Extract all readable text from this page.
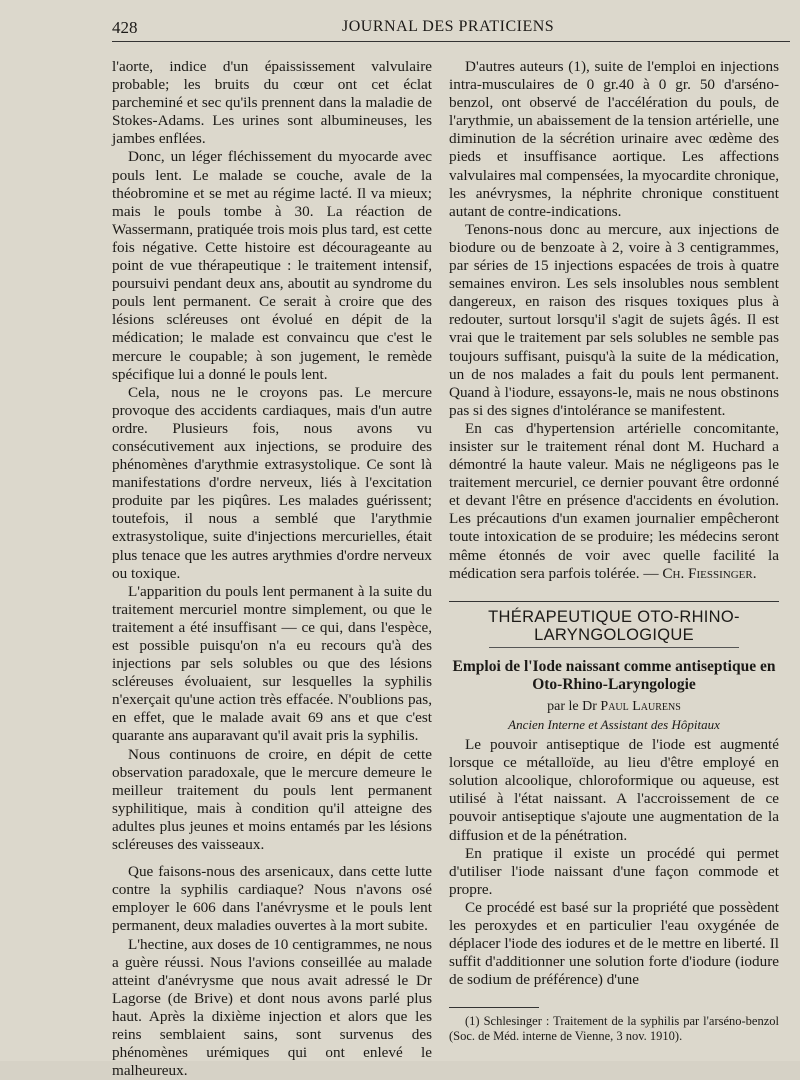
428	JOURNAL DES PRATICIENS

l'aorte, indice d'un épaississement valvulaire probable; les bruits du cœur ont cet éclat parcheminé et sec qu'ils prennent dans la maladie de Stokes-Adams. Les urines sont albumineuses, les jambes enflées.

Donc, un léger fléchissement du myocarde avec pouls lent. Le malade se couche, avale de la théobromine et se met au régime lacté. Il va mieux; mais le pouls tombe à 30. La réaction de Wassermann, pratiquée trois mois plus tard, est cette fois négative. Cette histoire est décourageante au point de vue thérapeutique : le traitement intensif, poursuivi pendant deux ans, aboutit au syndrome du pouls lent permanent. Ce serait à croire que des lésions scléreuses ont évolué en dépit de la médication; le malade est convaincu que c'est le mercure le coupable; à son jugement, le remède spécifique lui a donné le pouls lent.

Cela, nous ne le croyons pas. Le mercure provoque des accidents cardiaques, mais d'un autre ordre. Plusieurs fois, nous avons vu consécutivement aux injections, se produire des phénomènes d'arythmie extrasystolique. Ce sont là manifestations d'ordre nerveux, liés à l'excitation produite par les piqûres. Les malades guérissent; toutefois, il nous a semblé que l'arythmie extrasystolique, suite d'injections mercurielles, était plus tenace que les autres arythmies d'ordre nerveux ou toxique.

L'apparition du pouls lent permanent à la suite du traitement mercuriel montre simplement, ou que le traitement a été insuffisant — ce qui, dans l'espèce, est possible puisqu'on n'a eu recours qu'à des injections par sels solubles ou que des lésions scléreuses évoluaient, sur lesquelles la syphilis n'exerçait qu'une action très effacée. N'oublions pas, en effet, que le malade avait 69 ans et que c'est quarante ans auparavant qu'il avait pris la syphilis.

Nous continuons de croire, en dépit de cette observation paradoxale, que le mercure demeure le meilleur traitement du pouls lent permanent syphilitique, mais à condition qu'il atteigne des adultes plus jeunes et moins entamés par les lésions scléreuses des vaisseaux.

Que faisons-nous des arsenicaux, dans cette lutte contre la syphilis cardiaque? Nous n'avons osé employer le 606 dans l'anévrysme et le pouls lent permanent, deux maladies ouvertes à la mort subite.

L'hectine, aux doses de 10 centigrammes, ne nous a guère réussi. Nous l'avions conseillée au malade atteint d'anévrysme que nous avait adressé le Dr Lagorse (de Brive) et dont nous avons parlé plus haut. Après la dixième injection et alors que les reins semblaient sains, sont survenus des phénomènes urémiques qui ont enlevé le malheureux.

D'autres auteurs (1), suite de l'emploi en injections intra-musculaires de 0 gr.40 à 0 gr. 50 d'arséno-benzol, ont observé de l'accélération du pouls, de l'arythmie, un abaissement de la tension artérielle, une diminution de la sécrétion urinaire avec œdème des pieds et insuffisance aortique. Les affections valvulaires mal compensées, la myocardite chronique, les anévrysmes, la néphrite chronique constituent autant de contre-indications.

Tenons-nous donc au mercure, aux injections de biodure ou de benzoate à 2, voire à 3 centigrammes, par séries de 15 injections espacées de trois à quatre semaines environ. Les sels insolubles nous semblent dangereux, en raison des risques toxiques plus à redouter, surtout lorsqu'il s'agit de sujets âgés. Il est vrai que le traitement par sels solubles ne semble pas toujours suffisant, puisqu'à la suite de la médication, un de nos malades a fait du pouls lent permanent. Quand à l'iodure, essayons-le, mais ne nous obstinons pas si des signes d'intolérance se manifestent.

En cas d'hypertension artérielle concomitante, insister sur le traitement rénal dont M. Huchard a démontré la haute valeur. Mais ne négligeons pas le traitement mercuriel, ce dernier pouvant être ordonné et devant l'être en présence d'accidents en évolution. Les précautions d'un examen journalier empêcheront toute intoxication de se produire; les médecins seront même étonnés de voir avec quelle facilité la médication sera parfois tolérée. — Ch. Fiessinger.

THÉRAPEUTIQUE OTO-RHINO-LARYNGOLOGIQUE
Emploi de l'Iode naissant comme antiseptique en Oto-Rhino-Laryngologie
par le Dr Paul Laurens
Ancien Interne et Assistant des Hôpitaux

Le pouvoir antiseptique de l'iode est augmenté lorsque ce métalloïde, au lieu d'être employé en solution alcoolique, chloroformique ou aqueuse, est utilisé à l'état naissant. A l'accroissement de ce pouvoir antiseptique s'ajoute une augmentation de la diffusion et de la pénétration.

En pratique il existe un procédé qui permet d'utiliser l'iode naissant d'une façon commode et propre.

Ce procédé est basé sur la propriété que possèdent les peroxydes et en particulier l'eau oxygénée de déplacer l'iode des iodures et de le mettre en liberté. Il suffit d'additionner une solution forte d'iodure (iodure de sodium de préférence) d'une

(1) Schlesinger : Traitement de la syphilis par l'arséno-benzol (Soc. de Méd. interne de Vienne, 3 nov. 1910).
